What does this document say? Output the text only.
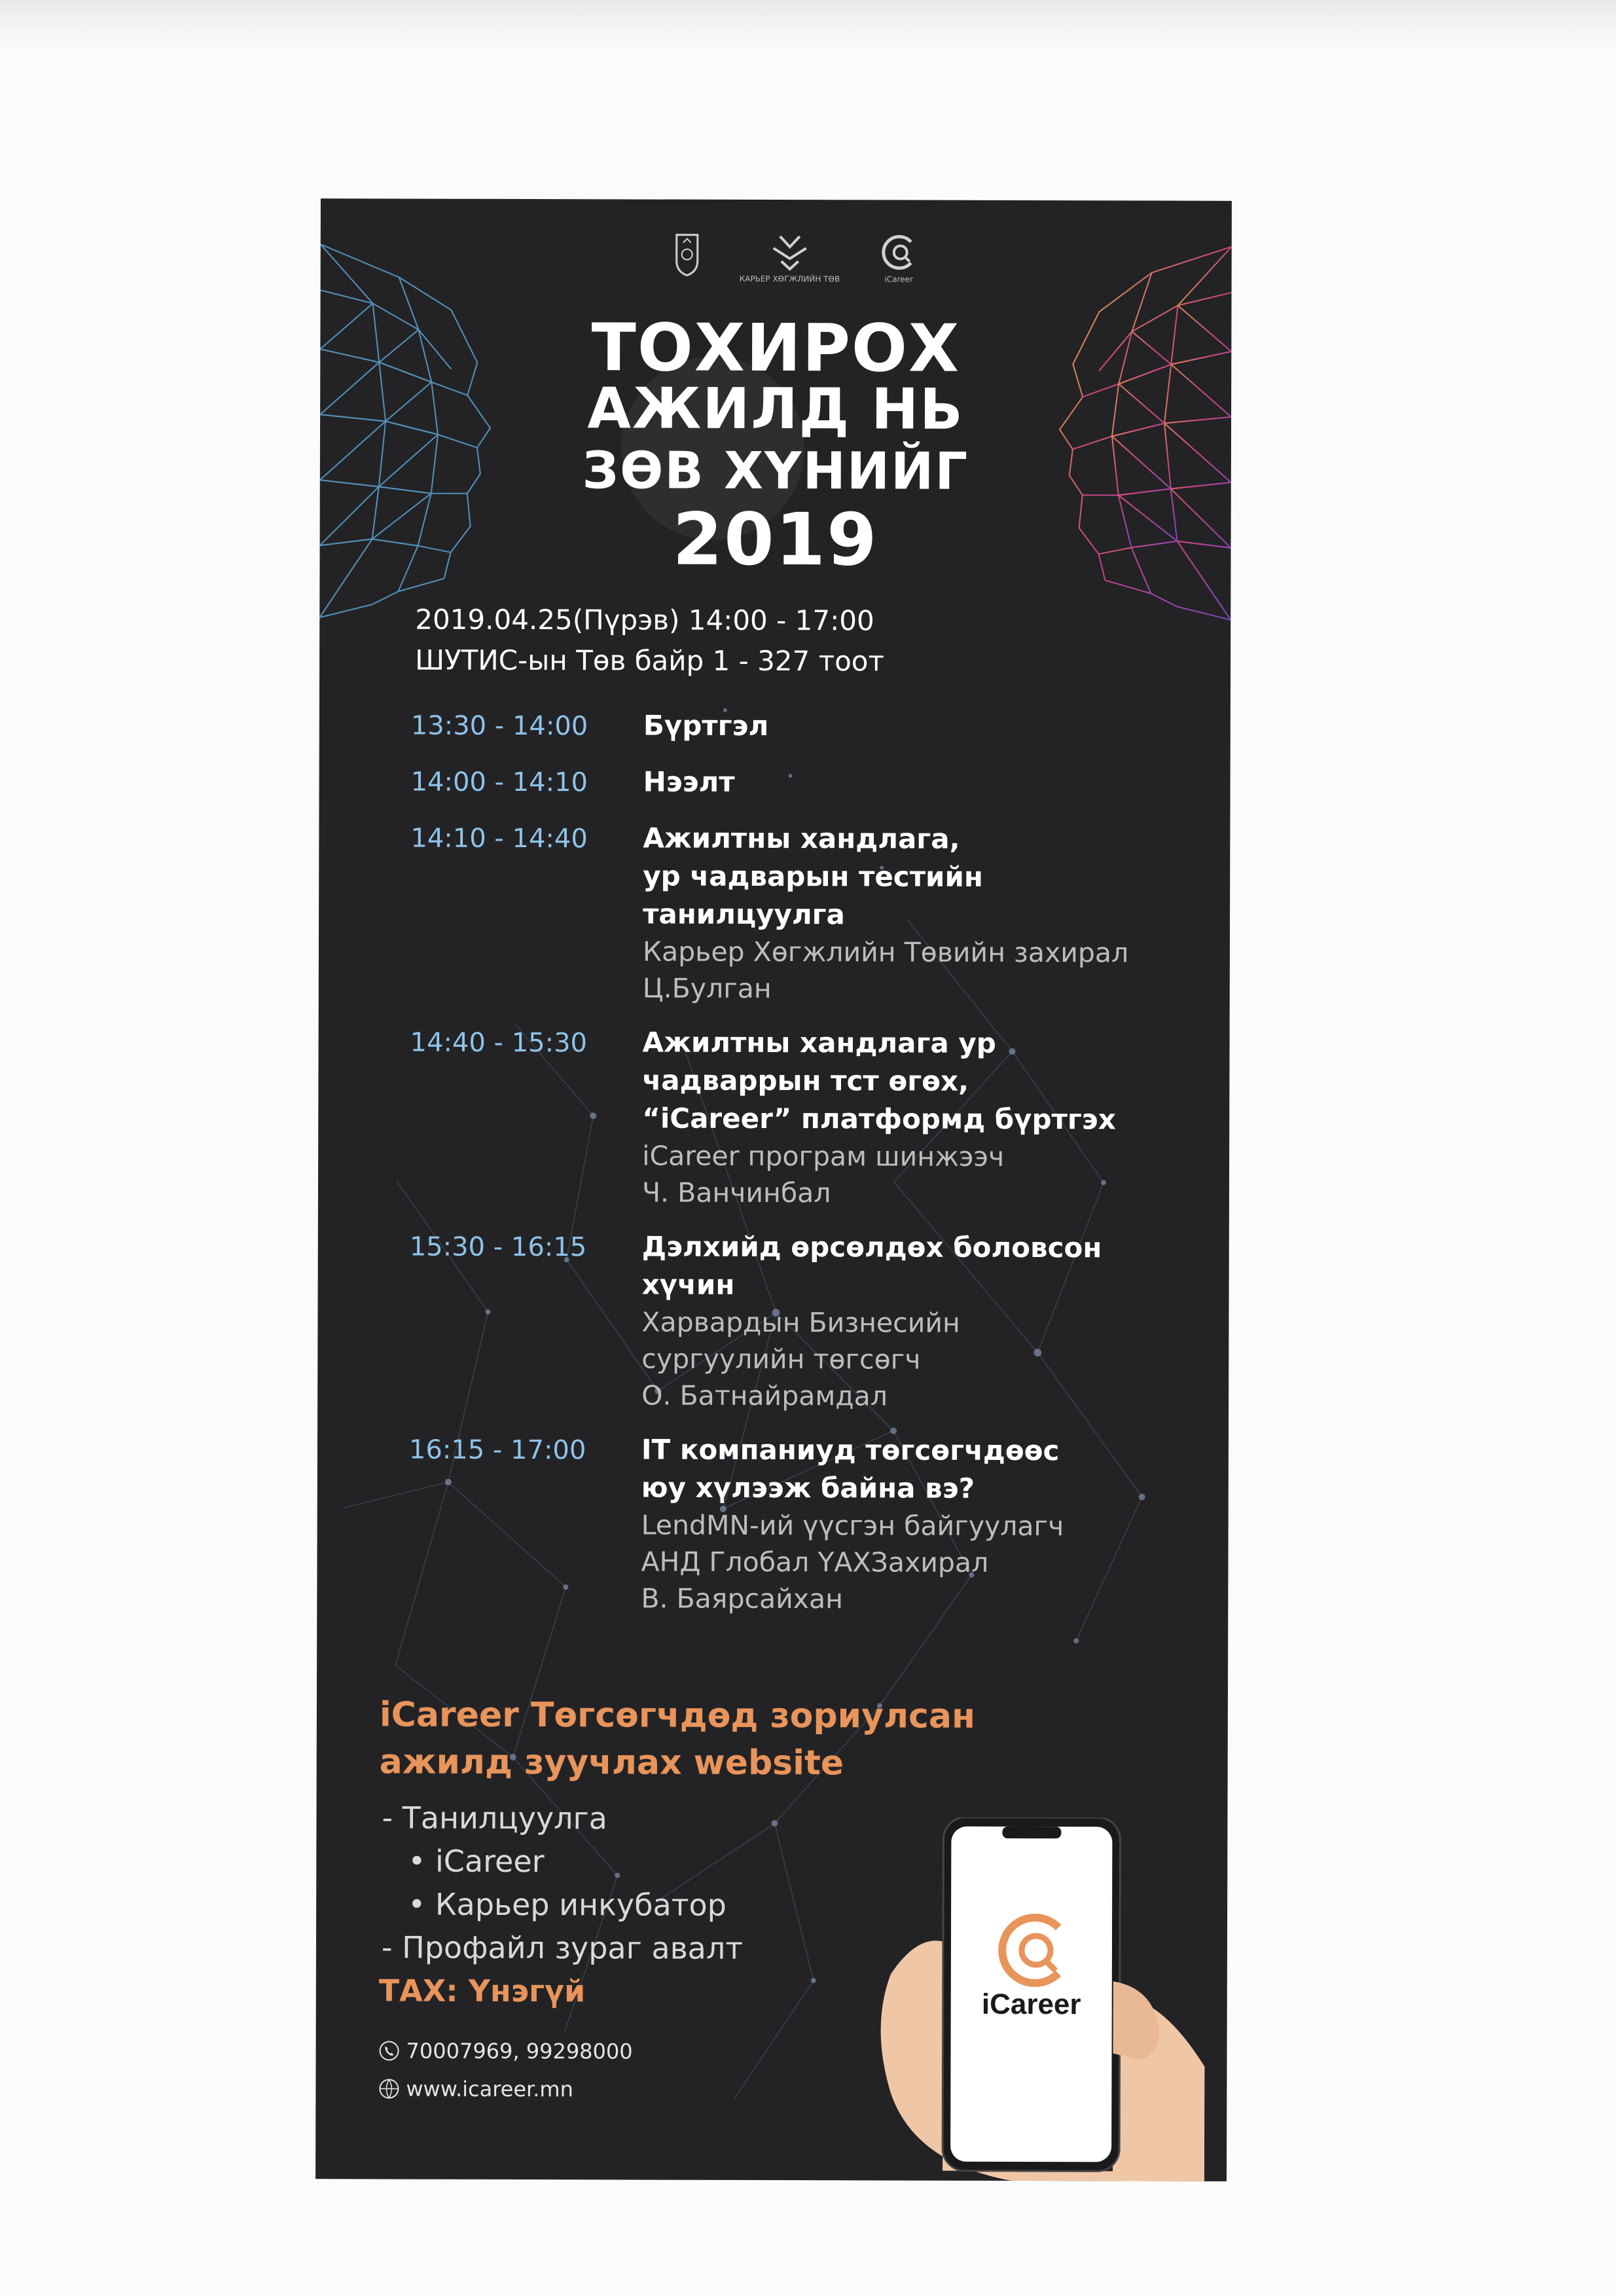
КАРЬЕР ХӨГЖЛИЙН ТӨВ	iCareer
ТОХИРОХ
АЖИЛД НЬ
ЗӨВ ХҮНИЙГ
2019
2019.04.25(Пүрэв) 14:00 - 17:00
ШУТИС-ын Төв байр 1 - 327 тоот
13:30 - 14:00	Бүртгэл
14:00 - 14:10	Нээлт
14:10 - 14:40	Ажилтны хандлага,
ур чадварын тестийн
танилцуулга
Карьер Хөгжлийн Төвийн захирал
Ц.Булган
14:40 - 15:30	Ажилтны хандлага ур
чадваррын тст өгөх,
“iCareer” платформд бүртгэх
iCareer програм шинжээч
Ч. Ванчинбал
15:30 - 16:15	Дэлхийд өрсөлдөх боловсон
хүчин
Харвардын Бизнесийн
сургуулийн төгсөгч
О. Батнайрамдал
16:15 - 17:00	IT компаниуд төгсөгчдөөс
юу хүлээж байна вэ?
LendMN-ий үүсгэн байгуулагч
АНД Глобал ҮАХЗахирал
В. Баярсайхан
iCareer Төгсөгчдөд зориулсан
ажилд зуучлах website
- Танилцуулга
• iCareer
• Карьер инкубатор
- Профайл зураг авалт
ТАХ: Үнэгүй
70007969, 99298000
www.icareer.mn
iCareer
